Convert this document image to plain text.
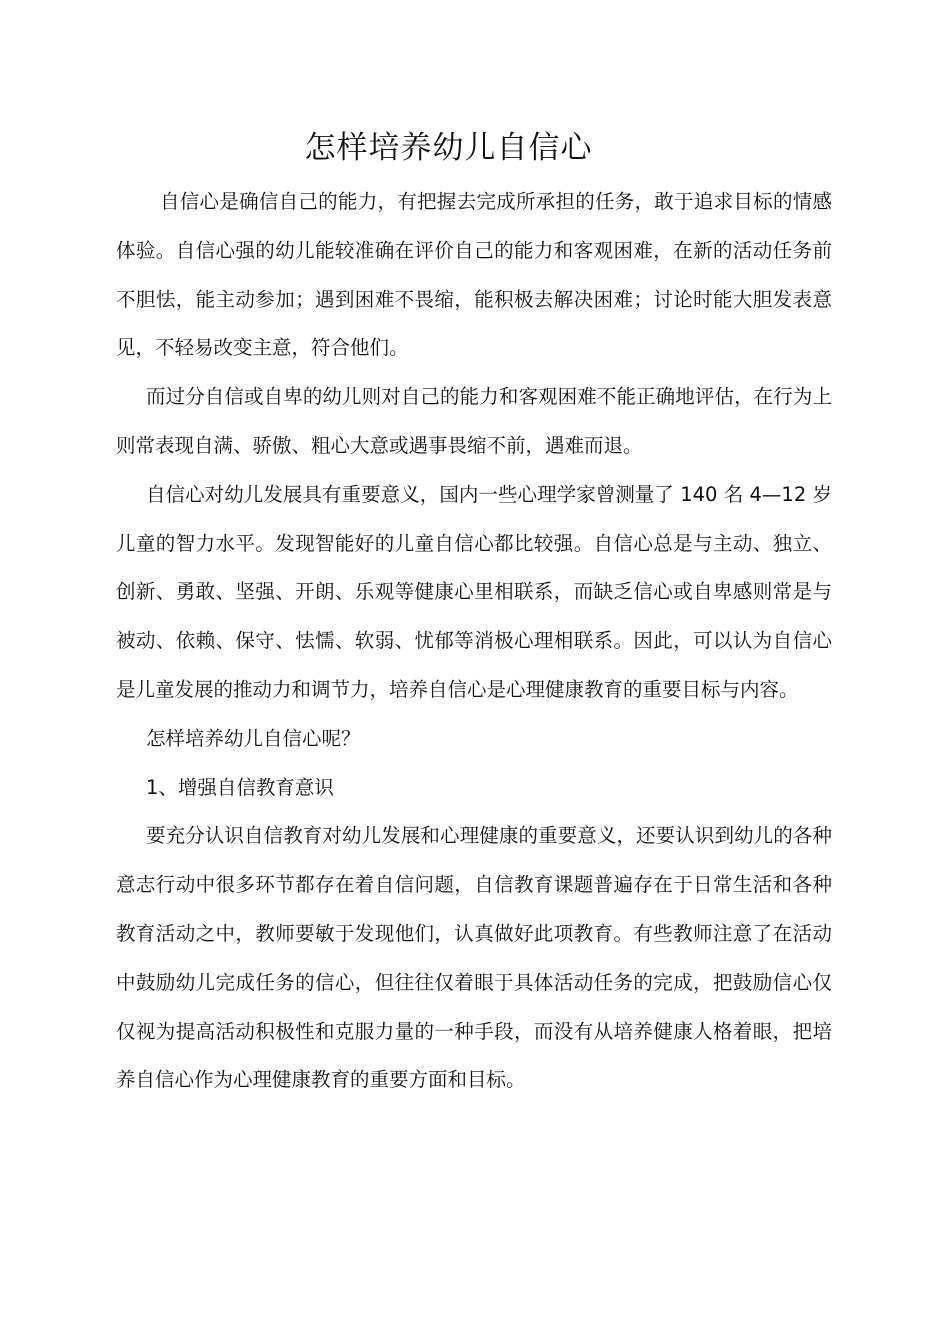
怎样培养幼儿自信心

自信心是确信自己的能力，有把握去完成所承担的任务，敢于追求目标的情感体验。自信心强的幼儿能较准确在评价自己的能力和客观困难，在新的活动任务前不胆怯，能主动参加；遇到困难不畏缩，能积极去解决困难；讨论时能大胆发表意见，不轻易改变主意，符合他们。

而过分自信或自卑的幼儿则对自己的能力和客观困难不能正确地评估，在行为上则常表现自满、骄傲、粗心大意或遇事畏缩不前，遇难而退。

自信心对幼儿发展具有重要意义，国内一些心理学家曾测量了 140 名 4—12 岁儿童的智力水平。发现智能好的儿童自信心都比较强。自信心总是与主动、独立、创新、勇敢、坚强、开朗、乐观等健康心里相联系，而缺乏信心或自卑感则常是与被动、依赖、保守、怯懦、软弱、忧郁等消极心理相联系。因此，可以认为自信心是儿童发展的推动力和调节力，培养自信心是心理健康教育的重要目标与内容。

怎样培养幼儿自信心呢？

1、增强自信教育意识

要充分认识自信教育对幼儿发展和心理健康的重要意义，还要认识到幼儿的各种意志行动中很多环节都存在着自信问题，自信教育课题普遍存在于日常生活和各种教育活动之中，教师要敏于发现他们，认真做好此项教育。有些教师注意了在活动中鼓励幼儿完成任务的信心，但往往仅着眼于具体活动任务的完成，把鼓励信心仅仅视为提高活动积极性和克服力量的一种手段，而没有从培养健康人格着眼，把培养自信心作为心理健康教育的重要方面和目标。
